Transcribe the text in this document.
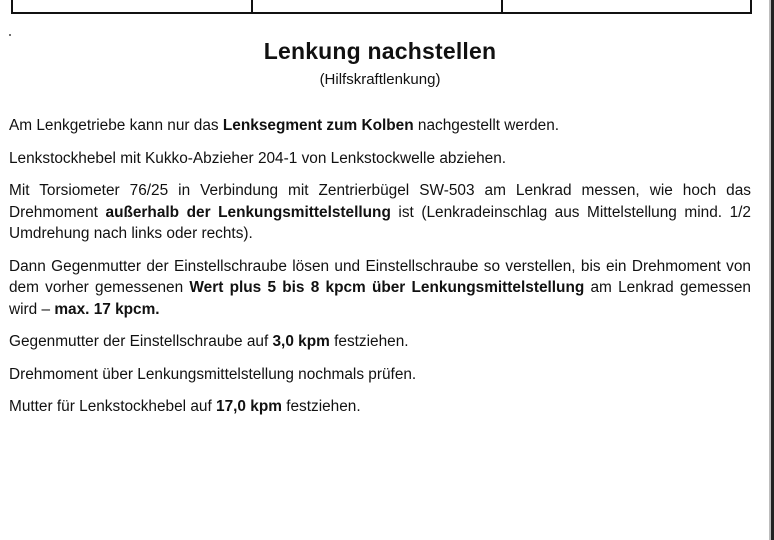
Lenkung nachstellen
(Hilfskraftlenkung)

Am Lenkgetriebe kann nur das Lenksegment zum Kolben nachgestellt werden.

Lenkstockhebel mit Kukko-Abzieher 204-1 von Lenkstockwelle abziehen.

Mit Torsiometer 76/25 in Verbindung mit Zentrierbügel SW-503 am Lenkrad messen, wie hoch das Drehmoment außerhalb der Lenkungsmittelstellung ist (Lenkradeinschlag aus Mittelstellung mind. 1/2 Umdrehung nach links oder rechts).

Dann Gegenmutter der Einstellschraube lösen und Einstellschraube so verstellen, bis ein Drehmoment von dem vorher gemessenen Wert plus 5 bis 8 kpcm über Lenkungsmittelstellung am Lenkrad gemessen wird – max. 17 kpcm.

Gegenmutter der Einstellschraube auf 3,0 kpm festziehen.

Drehmoment über Lenkungsmittelstellung nochmals prüfen.

Mutter für Lenkstockhebel auf 17,0 kpm festziehen.
